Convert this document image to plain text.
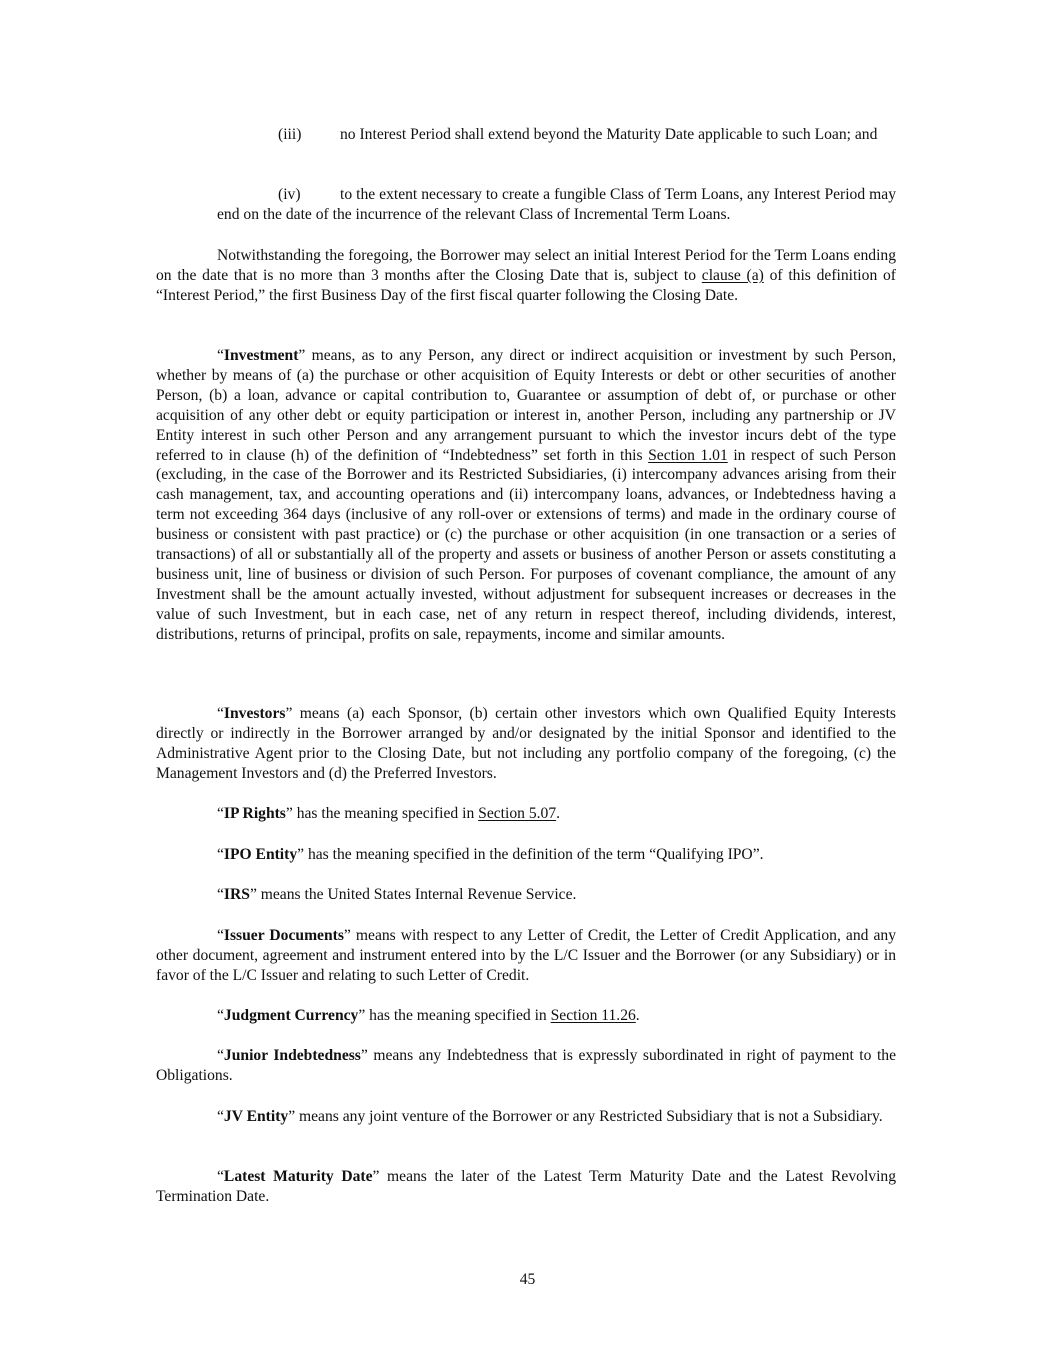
(iii) no Interest Period shall extend beyond the Maturity Date applicable to such Loan; and

(iv)	to the extent necessary to create a fungible Class of Term Loans, any Interest Period may end on the date of the incurrence of the relevant Class of Incremental Term Loans.

Notwithstanding the foregoing, the Borrower may select an initial Interest Period for the Term Loans ending on the date that is no more than 3 months after the Closing Date that is, subject to clause (a) of this definition of “Interest Period,” the first Business Day of the first fiscal quarter following the Closing Date.

“Investment” means, as to any Person, any direct or indirect acquisition or investment by such Person, whether by means of (a) the purchase or other acquisition of Equity Interests or debt or other securities of another Person, (b) a loan, advance or capital contribution to, Guarantee or assumption of debt of, or purchase or other acquisition of any other debt or equity participation or interest in, another Person, including any partnership or JV Entity interest in such other Person and any arrangement pursuant to which the investor incurs debt of the type referred to in clause (h) of the definition of “Indebtedness” set forth in this Section 1.01 in respect of such Person (excluding, in the case of the Borrower and its Restricted Subsidiaries, (i) intercompany advances arising from their cash management, tax, and accounting operations and (ii) intercompany loans, advances, or Indebtedness having a term not exceeding 364 days (inclusive of any roll-over or extensions of terms) and made in the ordinary course of business or consistent with past practice) or (c) the purchase or other acquisition (in one transaction or a series of transactions) of all or substantially all of the property and assets or business of another Person or assets constituting a business unit, line of business or division of such Person. For purposes of covenant compliance, the amount of any Investment shall be the amount actually invested, without adjustment for subsequent increases or decreases in the value of such Investment, but in each case, net of any return in respect thereof, including dividends, interest, distributions, returns of principal, profits on sale, repayments, income and similar amounts.

“Investors” means (a) each Sponsor, (b) certain other investors which own Qualified Equity Interests directly or indirectly in the Borrower arranged by and/or designated by the initial Sponsor and identified to the Administrative Agent prior to the Closing Date, but not including any portfolio company of the foregoing, (c) the Management Investors and (d) the Preferred Investors.

“IP Rights” has the meaning specified in Section 5.07.

“IPO Entity” has the meaning specified in the definition of the term “Qualifying IPO”.

“IRS” means the United States Internal Revenue Service.

“Issuer Documents” means with respect to any Letter of Credit, the Letter of Credit Application, and any other document, agreement and instrument entered into by the L/C Issuer and the Borrower (or any Subsidiary) or in favor of the L/C Issuer and relating to such Letter of Credit.

“Judgment Currency” has the meaning specified in Section 11.26.

“Junior Indebtedness” means any Indebtedness that is expressly subordinated in right of payment to the Obligations.

“JV Entity” means any joint venture of the Borrower or any Restricted Subsidiary that is not a Subsidiary.

“Latest Maturity Date” means the later of the Latest Term Maturity Date and the Latest Revolving Termination Date.

45
